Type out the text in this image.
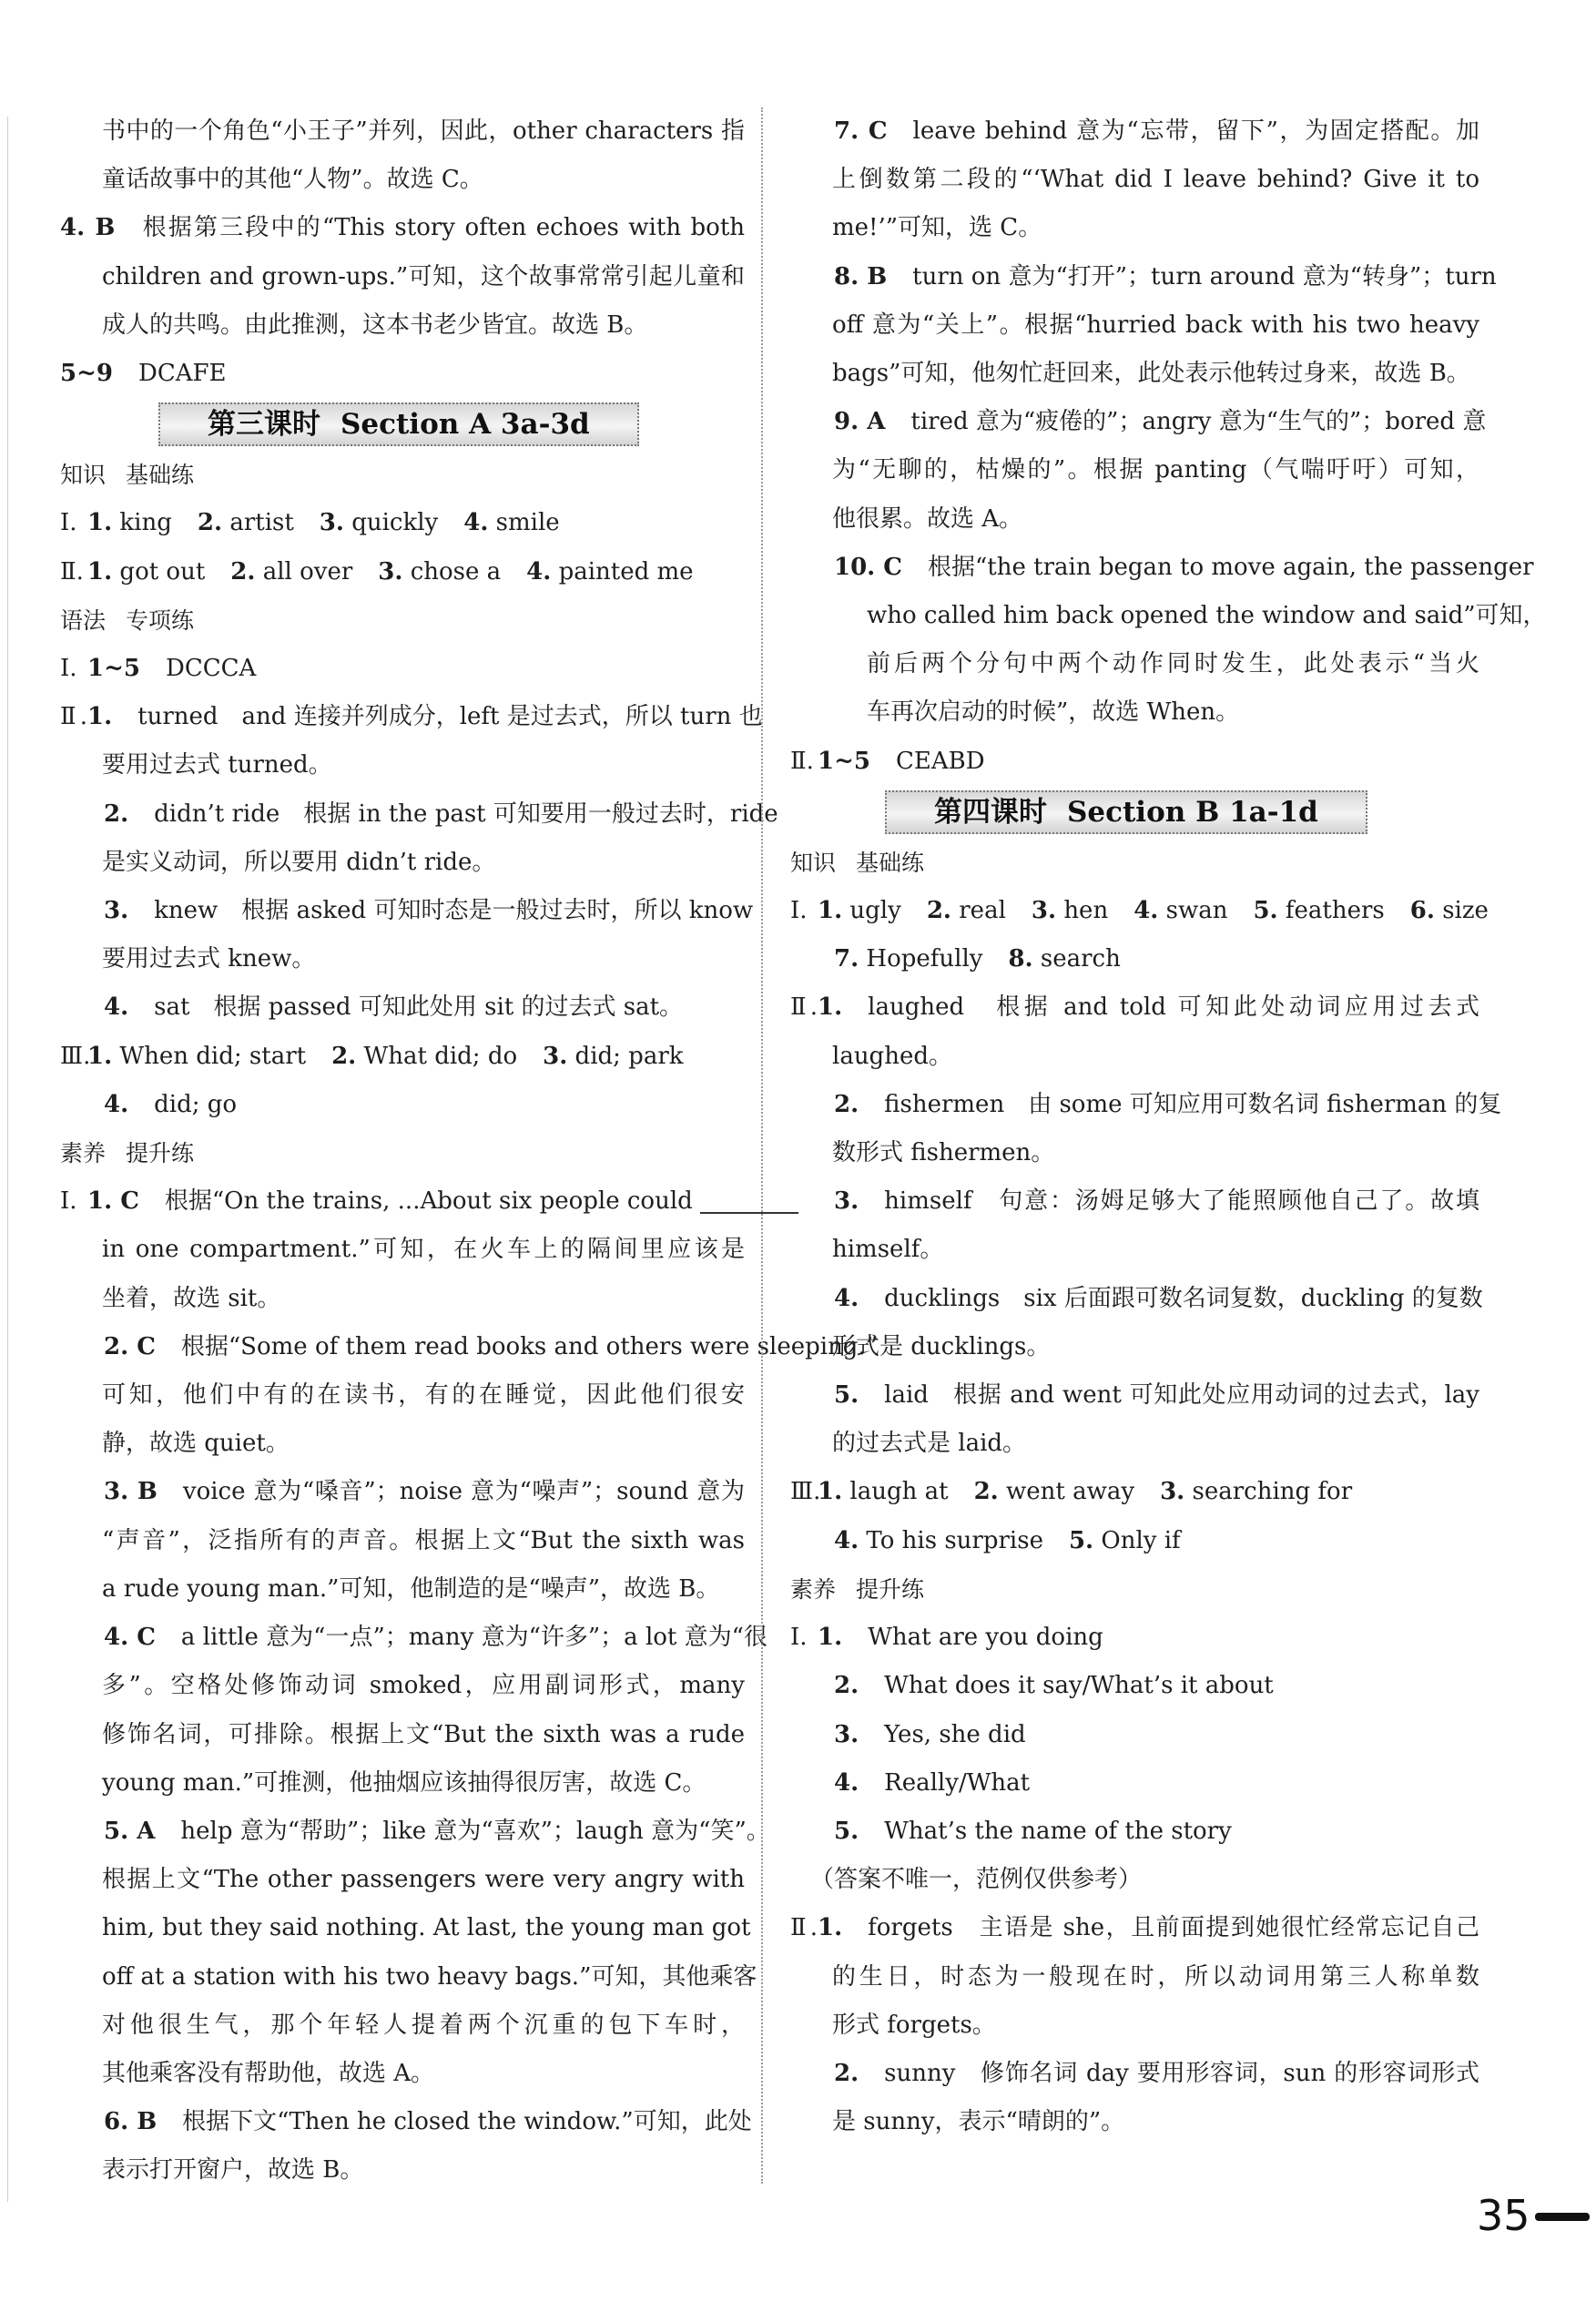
书中的一个角色“小王子”并列，因此，other characters 指
童话故事中的其他“人物”。故选 C。
4. B 根据第三段中的“This story often echoes with both
children and grown-ups.”可知，这个故事常常引起儿童和
成人的共鸣。由此推测，这本书老少皆宜。故选 B。
5~9 DCAFE
第三课时 Section A 3a-3d
知识 基础练
Ⅰ. 1. king 2. artist 3. quickly 4. smile
Ⅱ. 1. got out 2. all over 3. chose a 4. painted me
语法 专项练
Ⅰ. 1~5 DCCCA
Ⅱ.1. turned　and 连接并列成分，left 是过去式，所以 turn 也
要用过去式 turned。
2. didn’t ride　根据 in the past 可知要用一般过去时，ride
是实义动词，所以要用 didn’t ride。
3. knew　根据 asked 可知时态是一般过去时，所以 know
要用过去式 knew。
4. sat　根据 passed 可知此处用 sit 的过去式 sat。
Ⅲ.1. When did; start 2. What did; do 3. did; park
4. did; go
素养 提升练
Ⅰ. 1. C 根据“On the trains, ...About six people could
in one compartment.”可知，在火车上的隔间里应该是
坐着，故选 sit。
2. C 根据“Some of them read books and others were sleeping.”
可知，他们中有的在读书，有的在睡觉，因此他们很安
静，故选 quiet。
3. B voice 意为“嗓音”；noise 意为“噪声”；sound 意为
“声音”，泛指所有的声音。根据上文“But the sixth was
a rude young man.”可知，他制造的是“噪声”，故选 B。
4. C a little 意为“一点”；many 意为“许多”；a lot 意为“很
多”。空格处修饰动词 smoked，应用副词形式，many
修饰名词，可排除。根据上文“But the sixth was a rude
young man.”可推测，他抽烟应该抽得很厉害，故选 C。
5. A help 意为“帮助”；like 意为“喜欢”；laugh 意为“笑”。
根据上文“The other passengers were very angry with
him, but they said nothing. At last, the young man got
off at a station with his two heavy bags.”可知，其他乘客
对他很生气，那个年轻人提着两个沉重的包下车时，
其他乘客没有帮助他，故选 A。
6. B 根据下文“Then he closed the window.”可知，此处
表示打开窗户，故选 B。
7. C leave behind 意为“忘带，留下”，为固定搭配。加
上倒数第二段的“‘What did I leave behind? Give it to
me!’”可知，选 C。
8. B turn on 意为“打开”；turn around 意为“转身”；turn
off 意为“关上”。根据“hurried back with his two heavy
bags”可知，他匆忙赶回来，此处表示他转过身来，故选 B。
9. A tired 意为“疲倦的”；angry 意为“生气的”；bored 意
为“无聊的，枯燥的”。根据 panting（气喘吁吁）可知，
他很累。故选 A。
10. C 根据“the train began to move again, the passenger
who called him back opened the window and said”可知，
前后两个分句中两个动作同时发生，此处表示“当火
车再次启动的时候”，故选 When。
Ⅱ. 1~5 CEABD
第四课时 Section B 1a-1d
知识 基础练
Ⅰ. 1. ugly 2. real 3. hen 4. swan 5. feathers 6. size
7. Hopefully 8. search
Ⅱ.1. laughed　根据 and told 可知此处动词应用过去式
laughed。
2. fishermen　由 some 可知应用可数名词 fisherman 的复
数形式 fishermen。
3. himself　句意：汤姆足够大了能照顾他自己了。故填
himself。
4. ducklings　six 后面跟可数名词复数，duckling 的复数
形式是 ducklings。
5. laid　根据 and went 可知此处应用动词的过去式，lay
的过去式是 laid。
Ⅲ.1. laugh at 2. went away 3. searching for
4. To his surprise 5. Only if
素养 提升练
Ⅰ. 1. What are you doing
2. What does it say/What’s it about
3. Yes, she did
4. Really/What
5. What’s the name of the story
（答案不唯一，范例仅供参考）
Ⅱ.1. forgets　主语是 she，且前面提到她很忙经常忘记自己
的生日，时态为一般现在时，所以动词用第三人称单数
形式 forgets。
2. sunny　修饰名词 day 要用形容词，sun 的形容词形式
是 sunny，表示“晴朗的”。
35
